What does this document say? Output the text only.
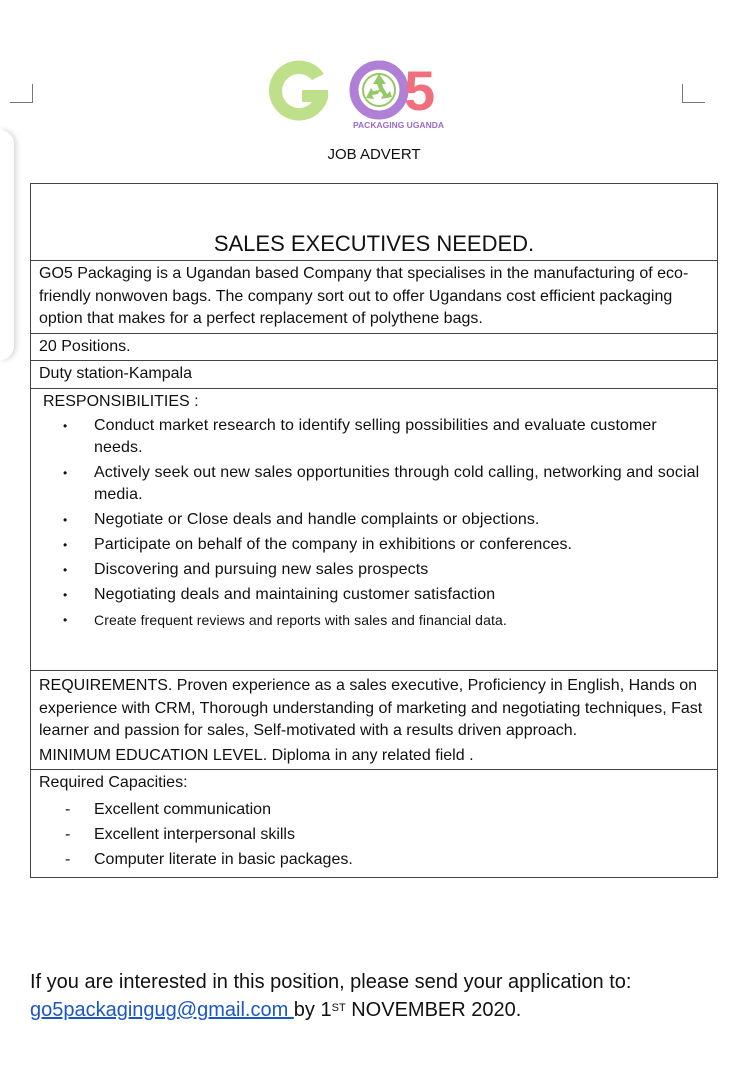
5
PACKAGING UGANDA
JOB ADVERT
SALES EXECUTIVES NEEDED.
GO5 Packaging is a Ugandan based Company that specialises in the manufacturing of eco-friendly nonwoven bags. The company sort out to offer Ugandans cost efficient packaging option that makes for a perfect replacement of polythene bags.
20 Positions.
Duty station-Kampala

RESPONSIBILITIES :
• Conduct market research to identify selling possibilities and evaluate customer needs.
• Actively seek out new sales opportunities through cold calling, networking and social media.
• Negotiate or Close deals and handle complaints or objections.
• Participate on behalf of the company in exhibitions or conferences.
• Discovering and pursuing new sales prospects
• Negotiating deals and maintaining customer satisfaction
• Create frequent reviews and reports with sales and financial data.

REQUIREMENTS. Proven experience as a sales executive, Proficiency in English, Hands on experience with CRM, Thorough understanding of marketing and negotiating techniques, Fast learner and passion for sales, Self-motivated with a results driven approach.
MINIMUM EDUCATION LEVEL. Diploma in any related field .

Required Capacities:
- Excellent communication
- Excellent interpersonal skills
- Computer literate in basic packages.
If you are interested in this position, please send your application to:
go5packagingug@gmail.com by 1ST NOVEMBER 2020.
